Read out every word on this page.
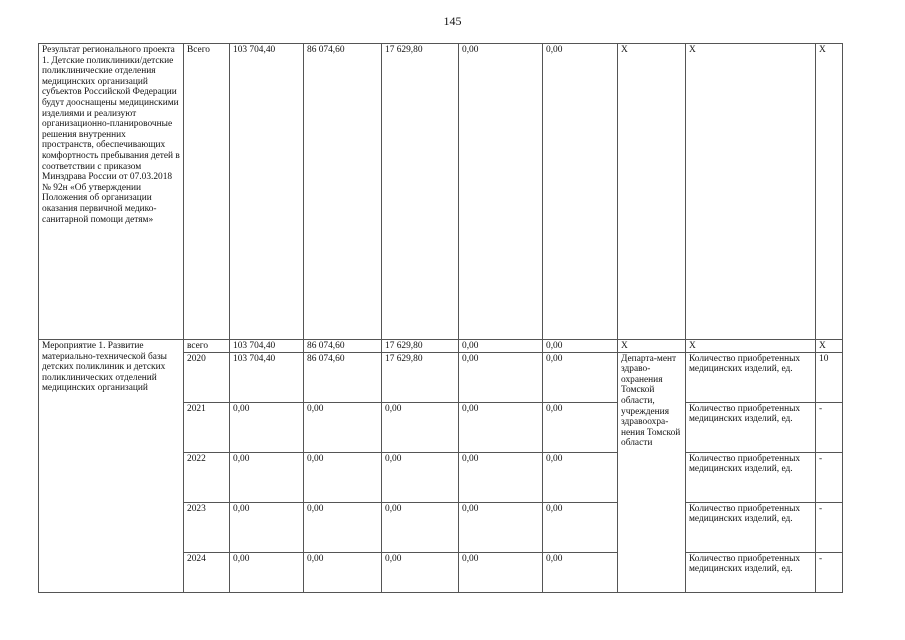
145
Результат регионального проекта 1. Детские поликлиники/детские поликлинические отделения медицинских организаций субъектов Российской Федерации будут дооснащены медицинскими изделиями и реализуют организационно-планировочные решения внутренних пространств, обеспечивающих комфортность пребывания детей в соответствии с приказом Минздрава России от 07.03.2018 № 92н «Об утверждении Положения об организации оказания первичной медико-санитарной помощи детям»	Всего	103 704,40	86 074,60	17 629,80	0,00	0,00	Х	Х	Х
Мероприятие 1. Развитие материально-технической базы детских поликлиник и детских поликлинических отделений медицинских организаций	всего	103 704,40	86 074,60	17 629,80	0,00	0,00	Х	Х	Х
	2020	103 704,40	86 074,60	17 629,80	0,00	0,00	Департа-мент здраво-охранения Томской области, учреждения здравоохра-нения Томской области	Количество приобретенных медицинских изделий, ед.	10
	2021	0,00	0,00	0,00	0,00	0,00		Количество приобретенных медицинских изделий, ед.	-
	2022	0,00	0,00	0,00	0,00	0,00		Количество приобретенных медицинских изделий, ед.	-
	2023	0,00	0,00	0,00	0,00	0,00		Количество приобретенных медицинских изделий, ед.	-
	2024	0,00	0,00	0,00	0,00	0,00		Количество приобретенных медицинских изделий, ед.	-
